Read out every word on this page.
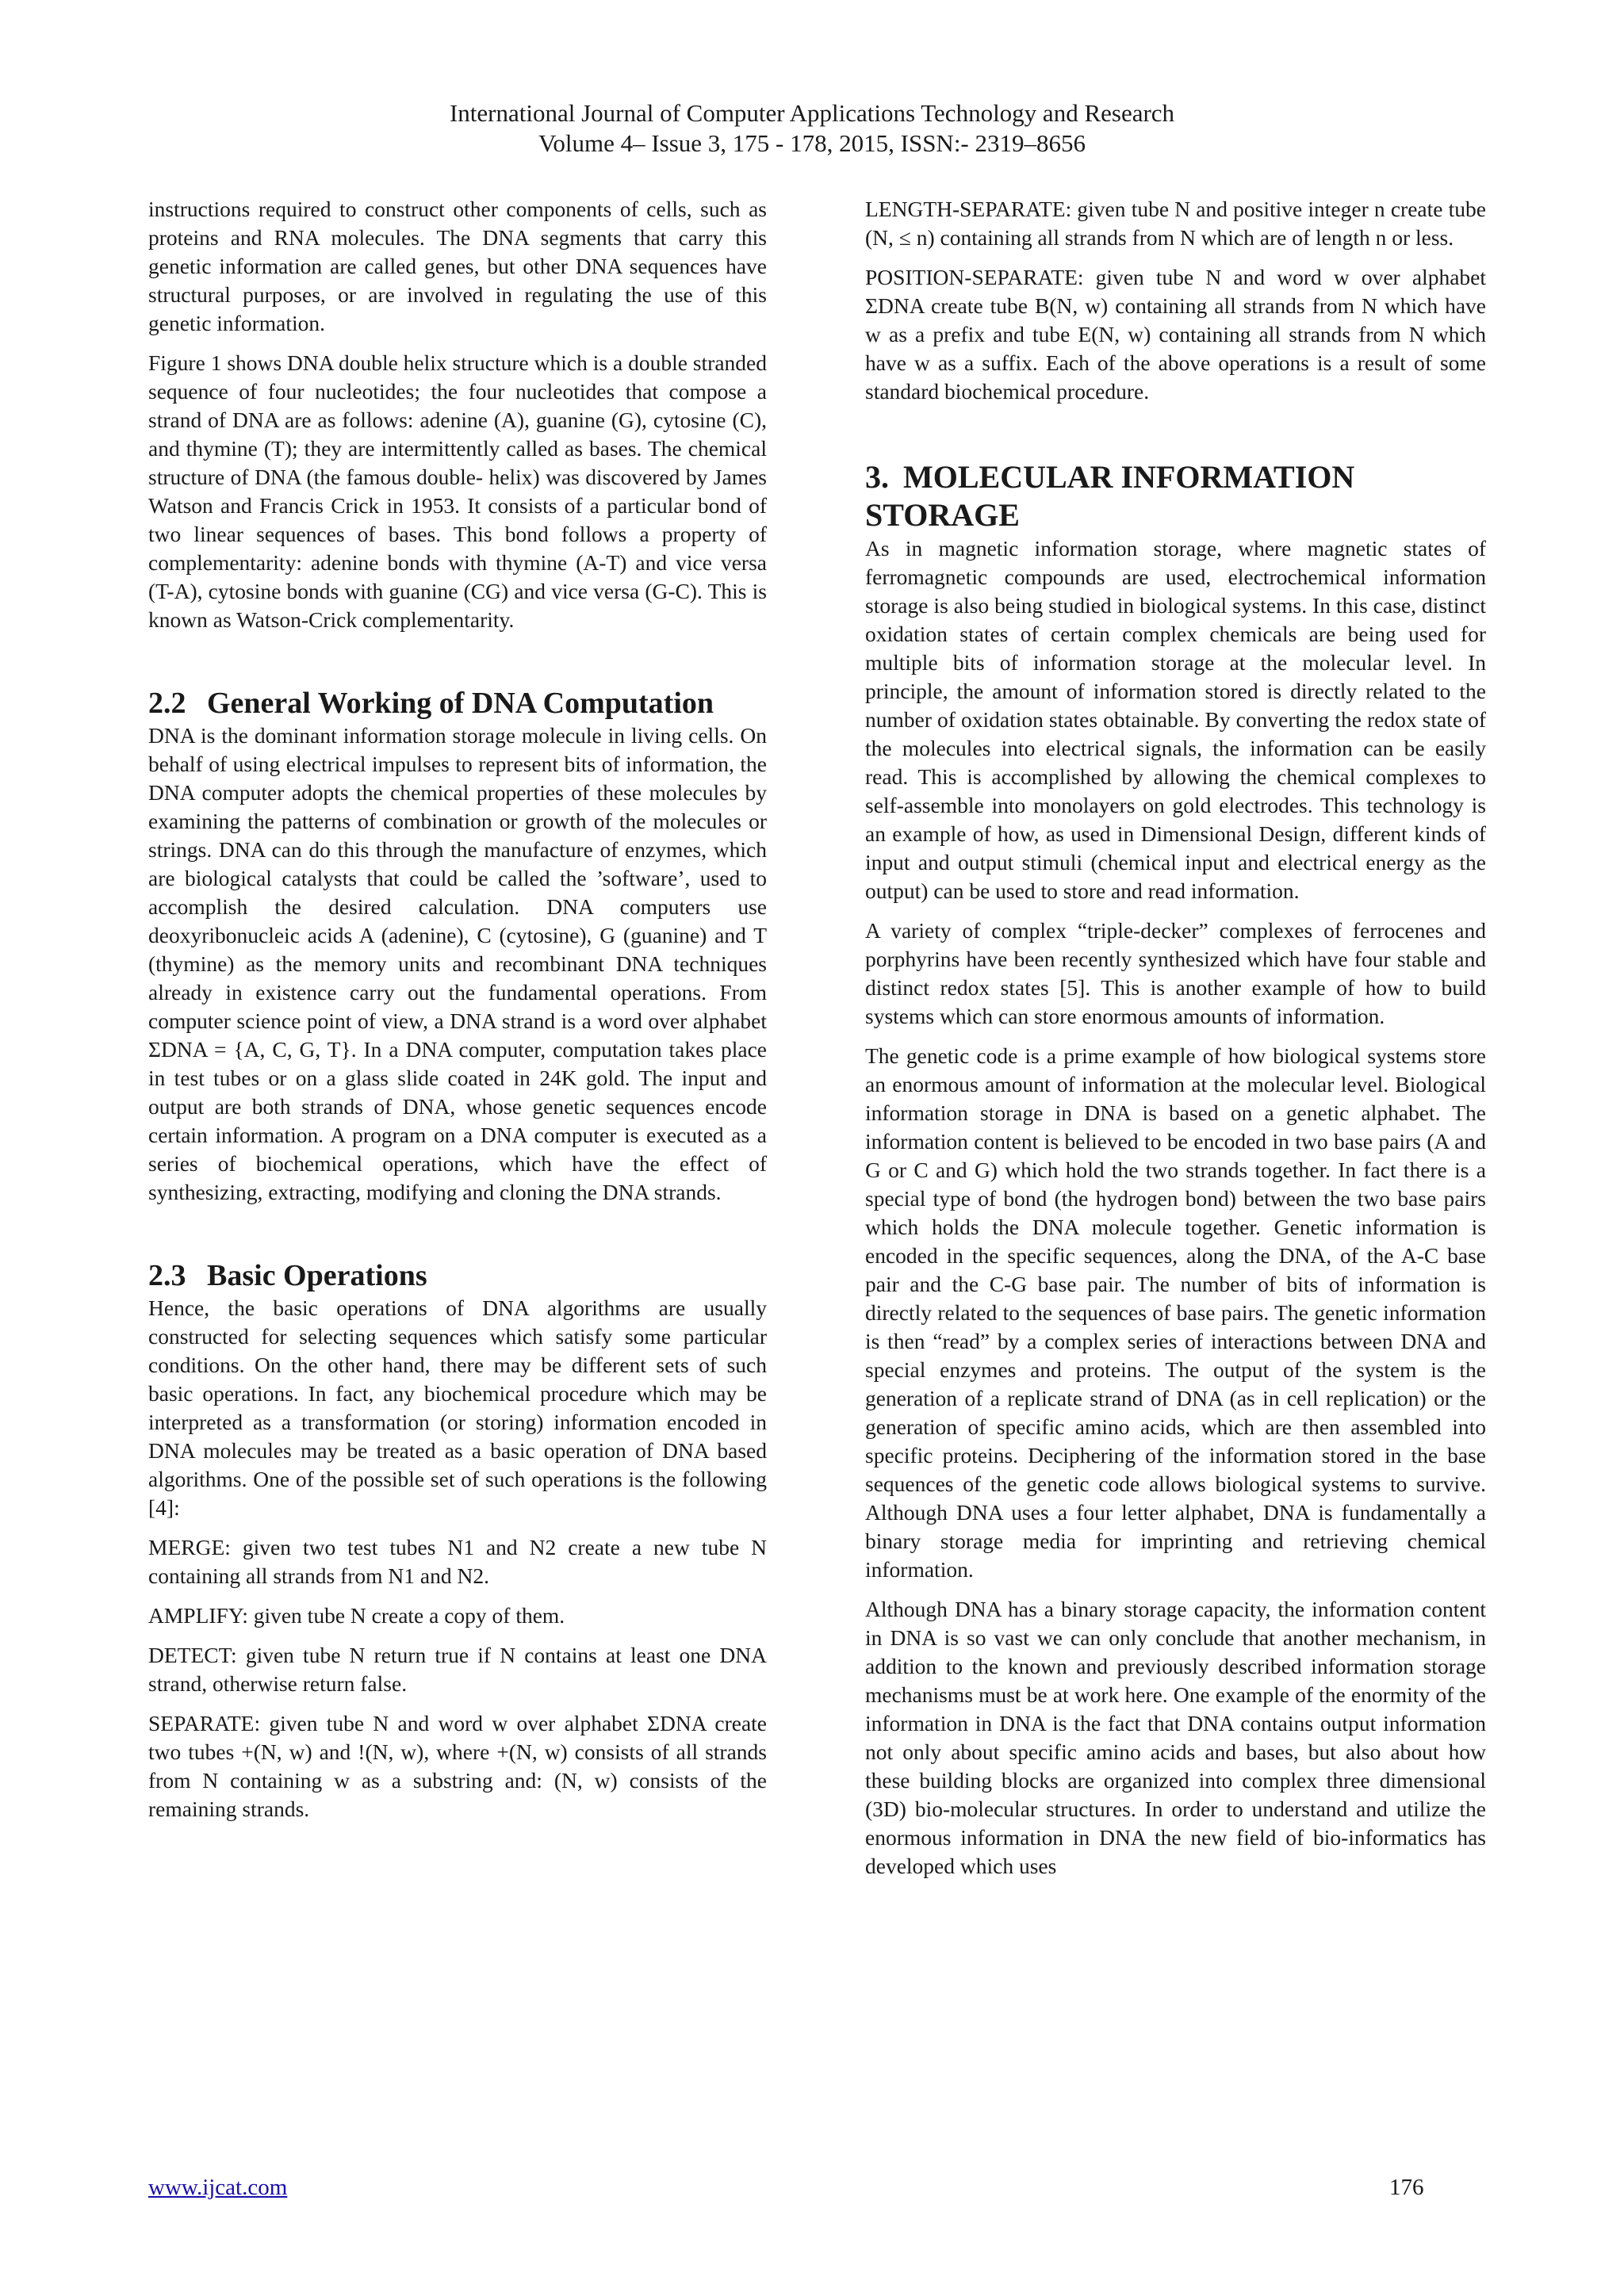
International Journal of Computer Applications Technology and Research
Volume 4– Issue 3, 175 - 178, 2015, ISSN:- 2319–8656

instructions required to construct other components of cells, such as proteins and RNA molecules. The DNA segments that carry this genetic information are called genes, but other DNA sequences have structural purposes, or are involved in regulating the use of this genetic information.

Figure 1 shows DNA double helix structure which is a double stranded sequence of four nucleotides; the four nucleotides that compose a strand of DNA are as follows: adenine (A), guanine (G), cytosine (C), and thymine (T); they are intermittently called as bases. The chemical structure of DNA (the famous double- helix) was discovered by James Watson and Francis Crick in 1953. It consists of a particular bond of two linear sequences of bases. This bond follows a property of complementarity: adenine bonds with thymine (A-T) and vice versa (T-A), cytosine bonds with guanine (CG) and vice versa (G-C). This is known as Watson-Crick complementarity.

2.2 General Working of DNA Computation

DNA is the dominant information storage molecule in living cells. On behalf of using electrical impulses to represent bits of information, the DNA computer adopts the chemical properties of these molecules by examining the patterns of combination or growth of the molecules or strings. DNA can do this through the manufacture of enzymes, which are biological catalysts that could be called the ’software’, used to accomplish the desired calculation. DNA computers use deoxyribonucleic acids A (adenine), C (cytosine), G (guanine) and T (thymine) as the memory units and recombinant DNA techniques already in existence carry out the fundamental operations. From computer science point of view, a DNA strand is a word over alphabet ΣDNA = {A, C, G, T}. In a DNA computer, computation takes place in test tubes or on a glass slide coated in 24K gold. The input and output are both strands of DNA, whose genetic sequences encode certain information. A program on a DNA computer is executed as a series of biochemical operations, which have the effect of synthesizing, extracting, modifying and cloning the DNA strands.

2.3 Basic Operations

Hence, the basic operations of DNA algorithms are usually constructed for selecting sequences which satisfy some particular conditions. On the other hand, there may be different sets of such basic operations. In fact, any biochemical procedure which may be interpreted as a transformation (or storing) information encoded in DNA molecules may be treated as a basic operation of DNA based algorithms. One of the possible set of such operations is the following [4]:

MERGE: given two test tubes N1 and N2 create a new tube N containing all strands from N1 and N2.

AMPLIFY: given tube N create a copy of them.

DETECT: given tube N return true if N contains at least one DNA strand, otherwise return false.

SEPARATE: given tube N and word w over alphabet ΣDNA create two tubes +(N, w) and !(N, w), where +(N, w) consists of all strands from N containing w as a substring and: (N, w) consists of the remaining strands.

LENGTH-SEPARATE: given tube N and positive integer n create tube (N, ≤ n) containing all strands from N which are of length n or less.

POSITION-SEPARATE: given tube N and word w over alphabet ΣDNA create tube B(N, w) containing all strands from N which have w as a prefix and tube E(N, w) containing all strands from N which have w as a suffix. Each of the above operations is a result of some standard biochemical procedure.

3. MOLECULAR INFORMATION
STORAGE

As in magnetic information storage, where magnetic states of ferromagnetic compounds are used, electrochemical information storage is also being studied in biological systems. In this case, distinct oxidation states of certain complex chemicals are being used for multiple bits of information storage at the molecular level. In principle, the amount of information stored is directly related to the number of oxidation states obtainable. By converting the redox state of the molecules into electrical signals, the information can be easily read. This is accomplished by allowing the chemical complexes to self-assemble into monolayers on gold electrodes. This technology is an example of how, as used in Dimensional Design, different kinds of input and output stimuli (chemical input and electrical energy as the output) can be used to store and read information.

A variety of complex “triple-decker” complexes of ferrocenes and porphyrins have been recently synthesized which have four stable and distinct redox states [5]. This is another example of how to build systems which can store enormous amounts of information.

The genetic code is a prime example of how biological systems store an enormous amount of information at the molecular level. Biological information storage in DNA is based on a genetic alphabet. The information content is believed to be encoded in two base pairs (A and G or C and G) which hold the two strands together. In fact there is a special type of bond (the hydrogen bond) between the two base pairs which holds the DNA molecule together. Genetic information is encoded in the specific sequences, along the DNA, of the A-C base pair and the C-G base pair. The number of bits of information is directly related to the sequences of base pairs. The genetic information is then “read” by a complex series of interactions between DNA and special enzymes and proteins. The output of the system is the generation of a replicate strand of DNA (as in cell replication) or the generation of specific amino acids, which are then assembled into specific proteins. Deciphering of the information stored in the base sequences of the genetic code allows biological systems to survive. Although DNA uses a four letter alphabet, DNA is fundamentally a binary storage media for imprinting and retrieving chemical information.

Although DNA has a binary storage capacity, the information content in DNA is so vast we can only conclude that another mechanism, in addition to the known and previously described information storage mechanisms must be at work here. One example of the enormity of the information in DNA is the fact that DNA contains output information not only about specific amino acids and bases, but also about how these building blocks are organized into complex three dimensional (3D) bio-molecular structures. In order to understand and utilize the enormous information in DNA the new field of bio-informatics has developed which uses

www.ijcat.com	176
